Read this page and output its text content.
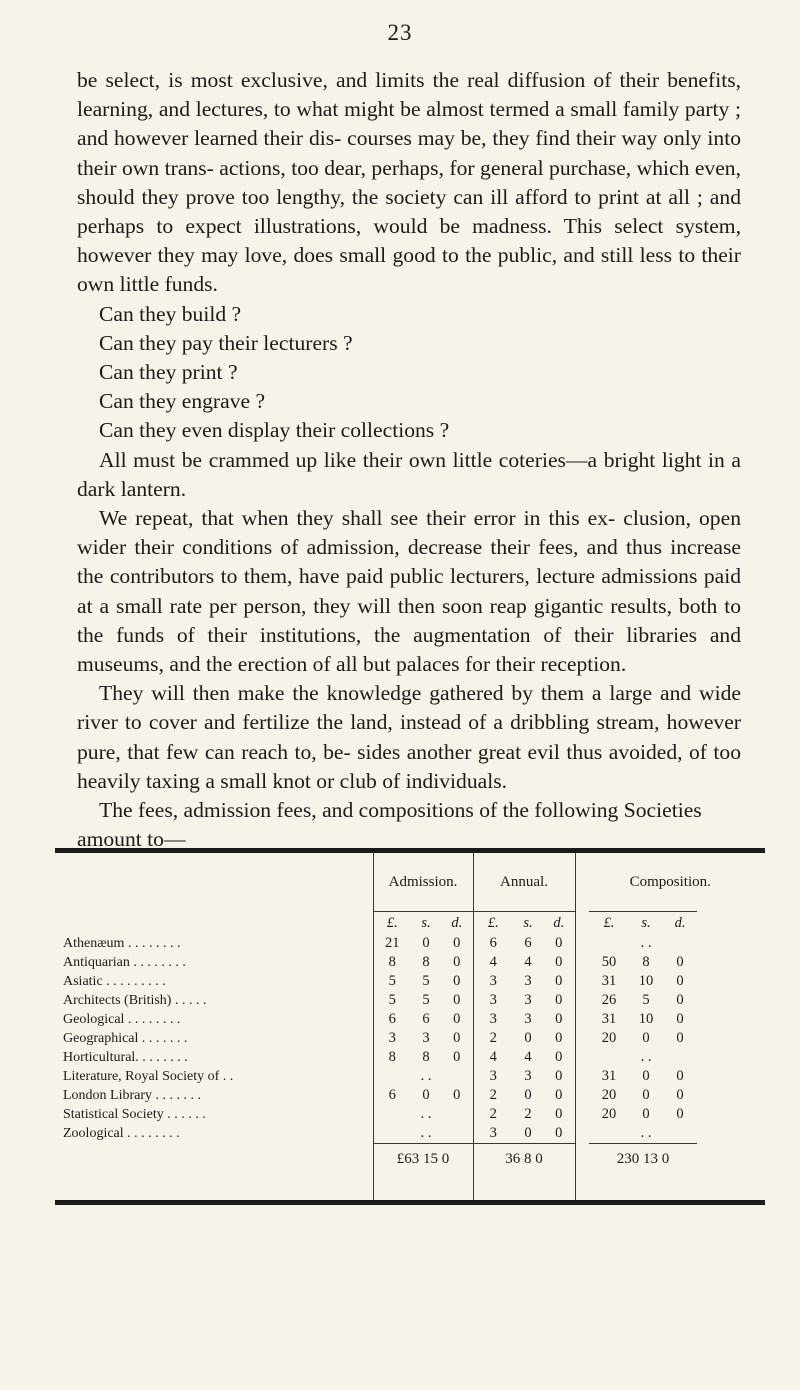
23

be select, is most exclusive, and limits the real diffusion of their benefits, learning, and lectures, to what might be almost termed a small family party ; and however learned their dis- courses may be, they find their way only into their own trans- actions, too dear, perhaps, for general purchase, which even, should they prove too lengthy, the society can ill afford to print at all ; and perhaps to expect illustrations, would be madness. This select system, however they may love, does small good to the public, and still less to their own little funds.

Can they build ?

Can they pay their lecturers ?

Can they print ?

Can they engrave ?

Can they even display their collections ?

All must be crammed up like their own little coteries—a bright light in a dark lantern.

We repeat, that when they shall see their error in this ex- clusion, open wider their conditions of admission, decrease their fees, and thus increase the contributors to them, have paid public lecturers, lecture admissions paid at a small rate per person, they will then soon reap gigantic results, both to the funds of their institutions, the augmentation of their libraries and museums, and the erection of all but palaces for their reception.

They will then make the knowledge gathered by them a large and wide river to cover and fertilize the land, instead of a dribbling stream, however pure, that few can reach to, be- sides another great evil thus avoided, of too heavily taxing a small knot or club of individuals.

The fees, admission fees, and compositions of the following Societies amount to—

	Admission.			Annual.			Composition.				
	£.	s.	d.	£.	s.	d.		£.	s.	d.	
Athenæum . . . . . . . .	21	0	0	6	6	0			. .		
Antiquarian . . . . . . . .	8	8	0	4	4	0		50	8	0	
Asiatic . . . . . . . . .	5	5	0	3	3	0		31	10	0	
Architects (British) . . . . .	5	5	0	3	3	0		26	5	0	
Geological . . . . . . . .	6	6	0	3	3	0		31	10	0	
Geographical . . . . . . .	3	3	0	2	0	0		20	0	0	
Horticultural. . . . . . . .	8	8	0	4	4	0			. .		
Literature, Royal Society of . .		. .		3	3	0		31	0	0	
London Library . . . . . . .	6	0	0	2	0	0		20	0	0	
Statistical Society . . . . . .		. .		2	2	0		20	0	0	
Zoological . . . . . . . .		. .		3	0	0			. .		
	£63 15 0			36 8 0				230 13 0			
